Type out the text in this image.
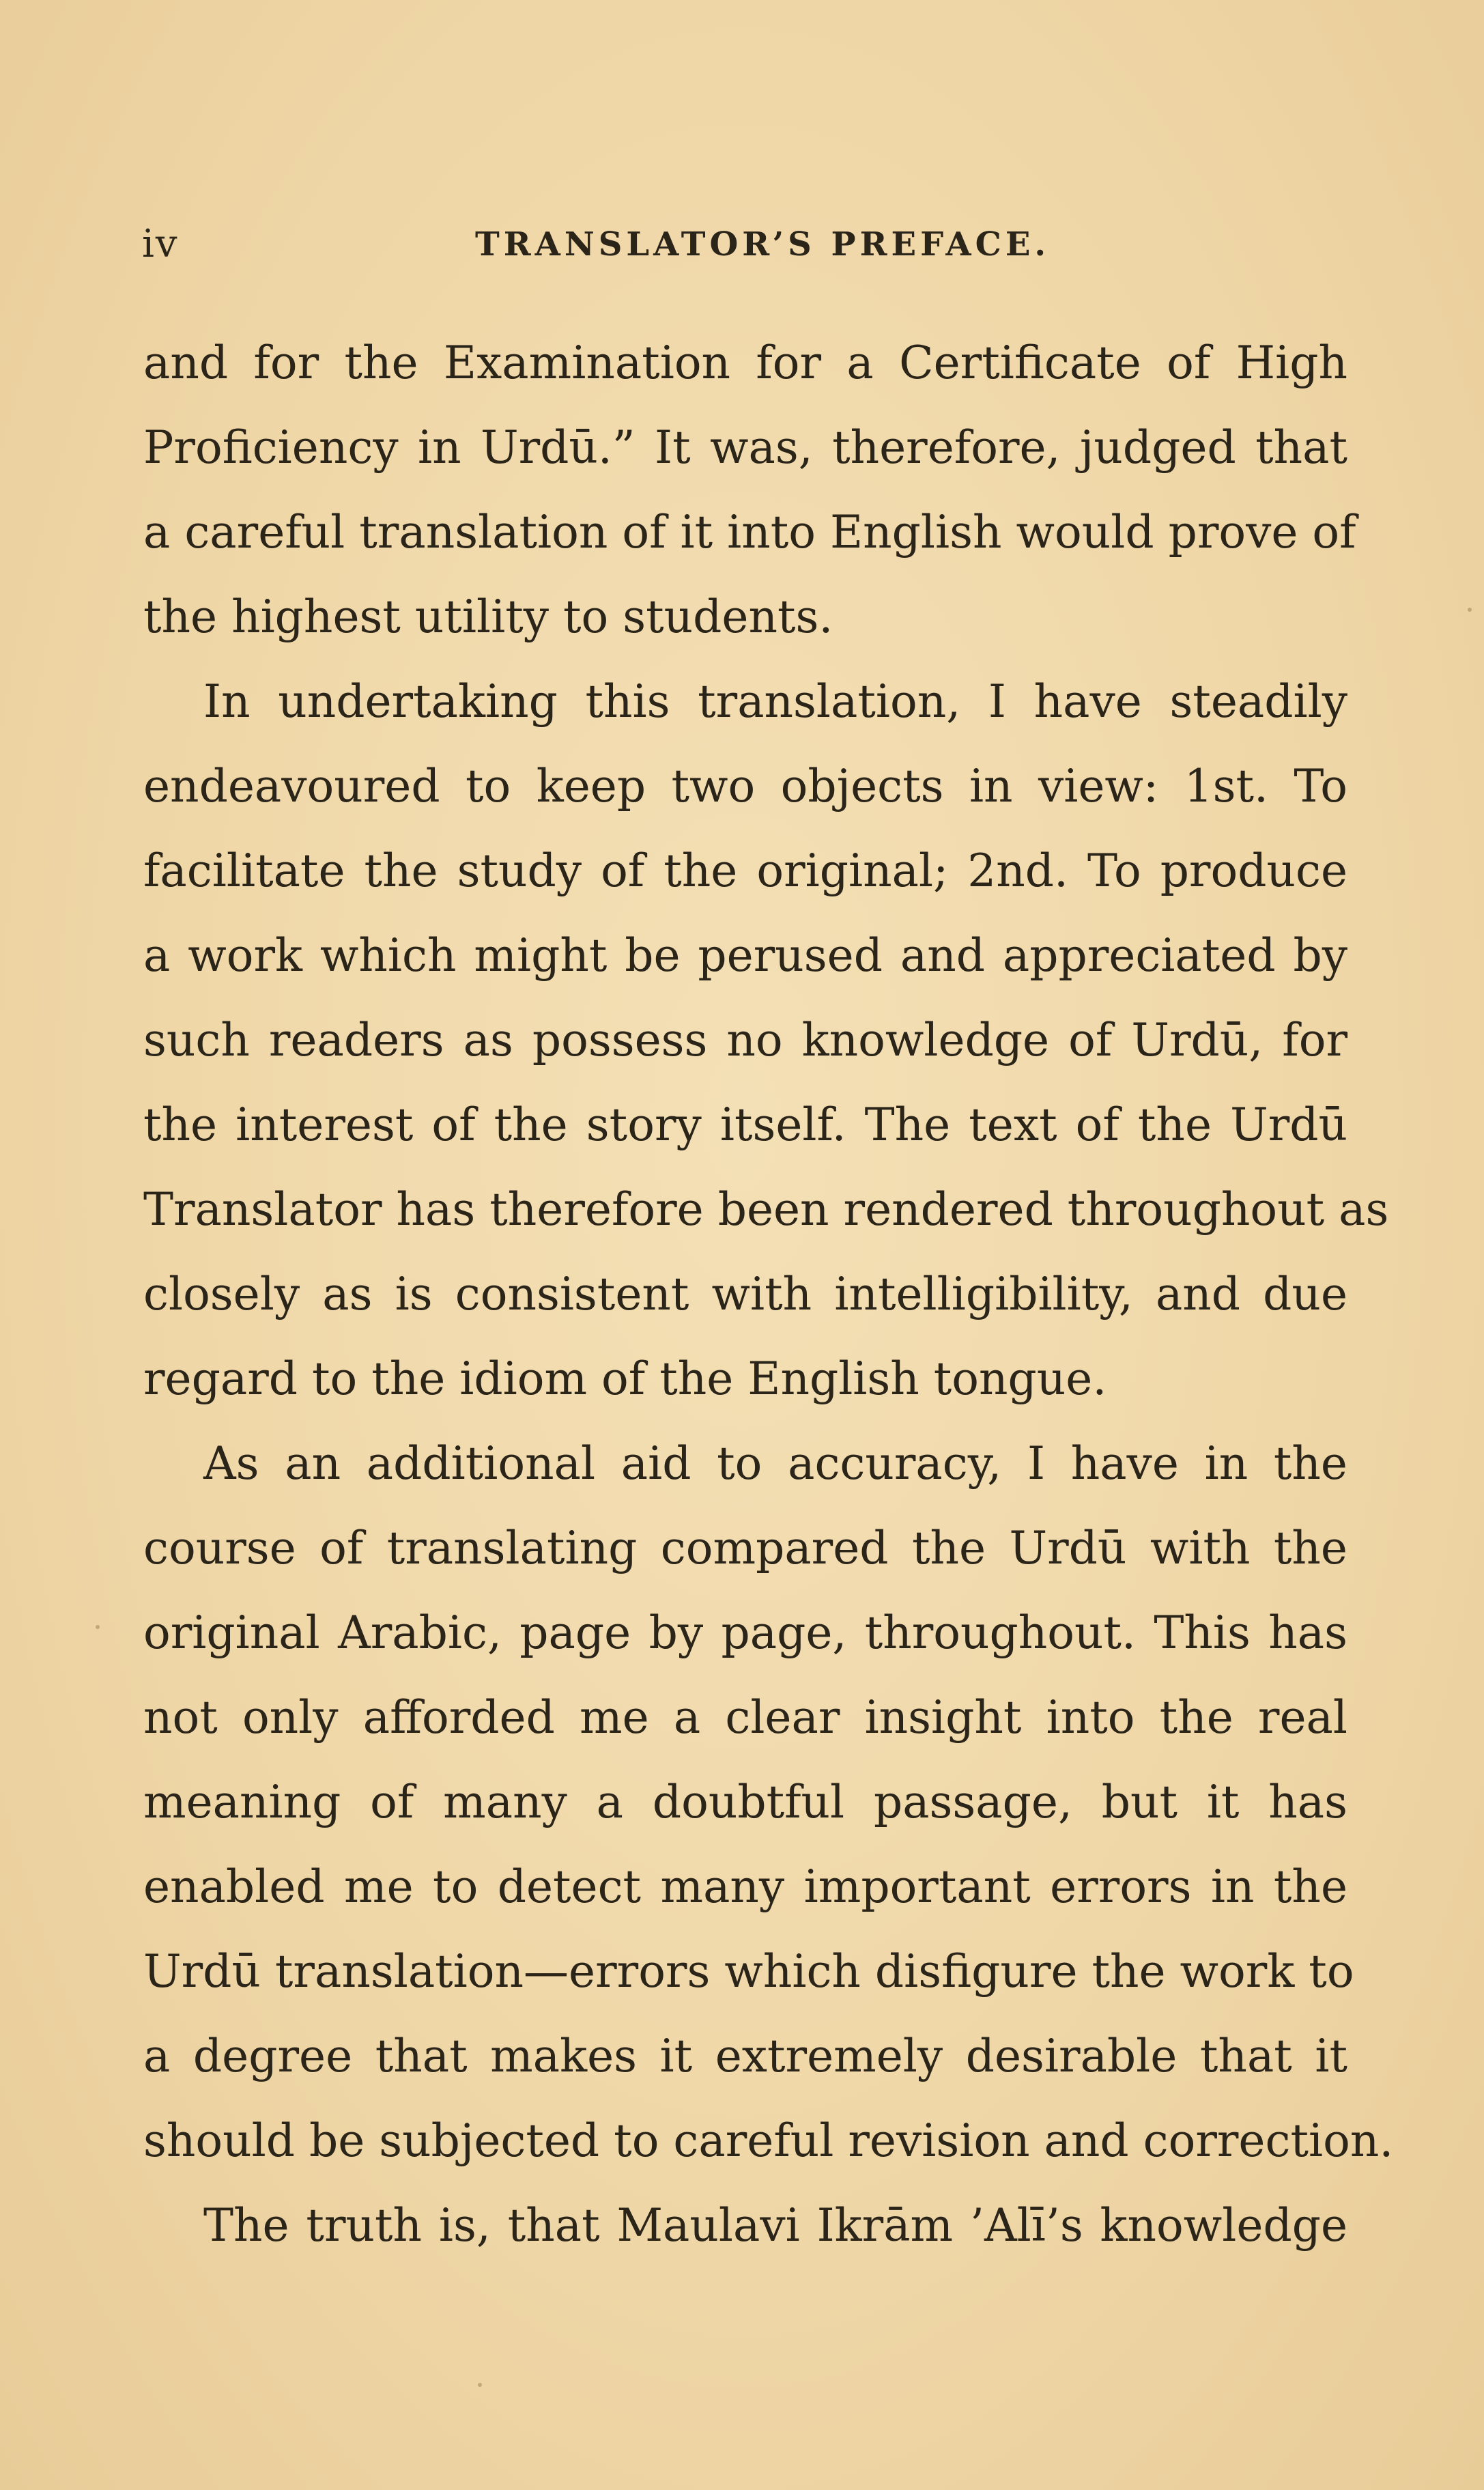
iv	TRANSLATOR’S PREFACE.
and for the Examination for a Certificate of High
Proficiency in Urdū.” It was, therefore, judged that
a careful translation of it into English would prove of
the highest utility to students.
In undertaking this translation, I have steadily
endeavoured to keep two objects in view: 1st. To
facilitate the study of the original; 2nd. To produce
a work which might be perused and appreciated by
such readers as possess no knowledge of Urdū, for
the interest of the story itself. The text of the Urdū
Translator has therefore been rendered throughout as
closely as is consistent with intelligibility, and due
regard to the idiom of the English tongue.
As an additional aid to accuracy, I have in the
course of translating compared the Urdū with the
original Arabic, page by page, throughout. This has
not only afforded me a clear insight into the real
meaning of many a doubtful passage, but it has
enabled me to detect many important errors in the
Urdū translation—errors which disfigure the work to
a degree that makes it extremely desirable that it
should be subjected to careful revision and correction.
The truth is, that Maulavi Ikrām ’Alī’s knowledge
